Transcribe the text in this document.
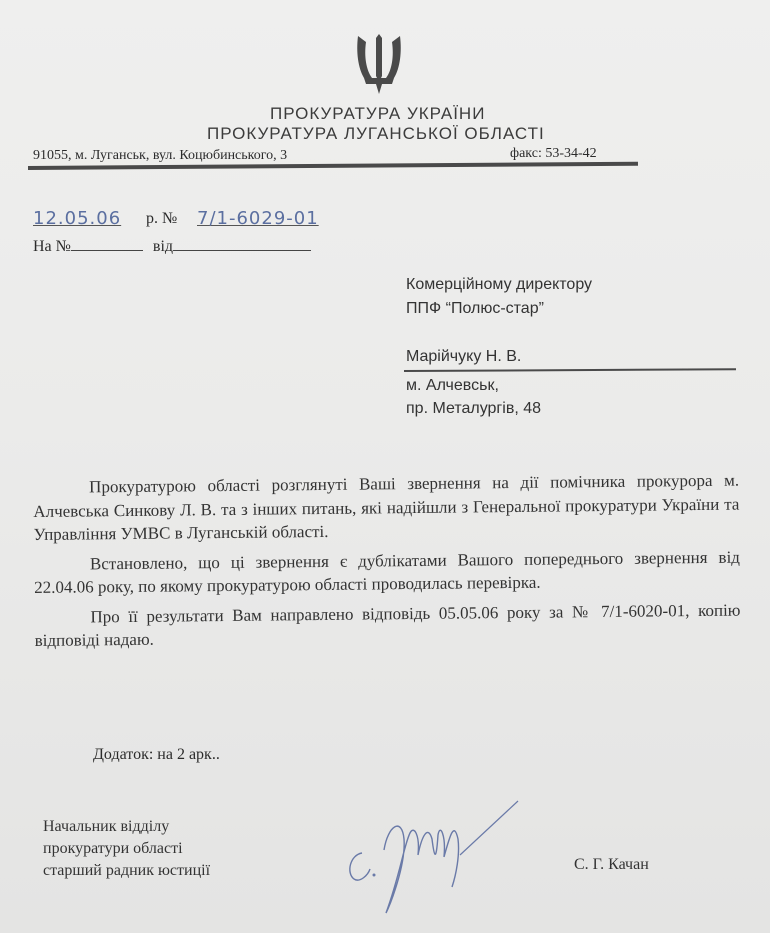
ПРОКУРАТУРА УКРАЇНИ
ПРОКУРАТУРА ЛУГАНСЬКОЇ ОБЛАСТІ
91055, м. Луганськ, вул. Коцюбинського, 3	факс: 53-34-42
12.05.06 р. № 7/1-6029-01
На №	від
Комерційному директору
ППФ “Полюс-стар”
Марійчуку Н. В.
м. Алчевськ,
пр. Металургів, 48

Прокуратурою області розглянуті Ваші звернення на дії помічника прокурора м. Алчевська Синкову Л. В. та з інших питань, які надійшли з Генеральної прокуратури України та Управління УМВС в Луганській області.

Встановлено, що ці звернення є дублікатами Вашого попереднього звернення від 22.04.06 року, по якому прокуратурою області проводилась перевірка.

Про її результати Вам направлено відповідь 05.05.06 року за № 7/1-6020-01, копію відповіді надаю.

Додаток: на 2 арк..
Начальник відділу
прокуратури області
старший радник юстиції	С. Г. Качан
